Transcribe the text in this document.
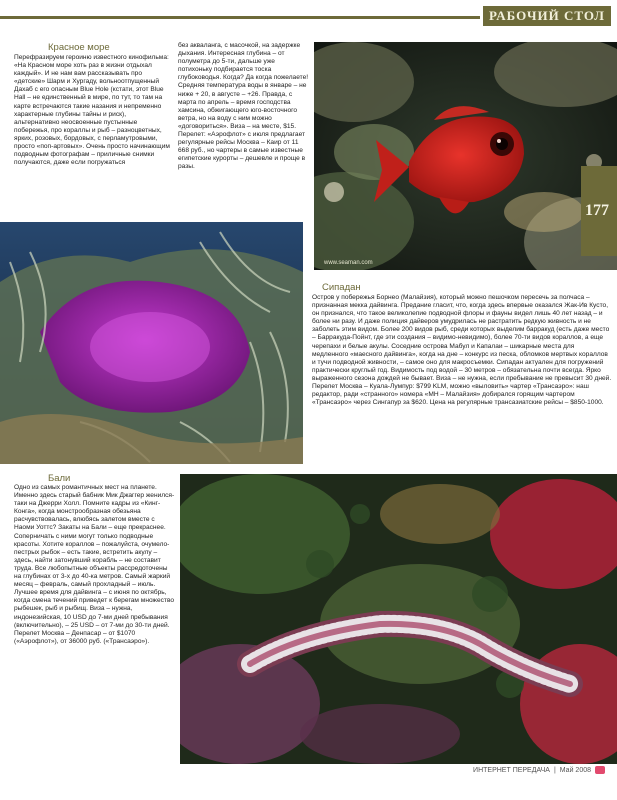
РАБОЧИЙ СТОЛ
Красное море
Перефразируем героиню известного кинофильма: «На Красном море хоть раз в жизни отдыхал каждый». И не нам вам рассказывать про «детские» Шарм и Хургаду, вольноотпущенный Дахаб с его опасным Blue Hole (кстати, этот Blue Hall – не единственный в мире, по тут, то там на карте встречаются такие назания и непременно характерные глубины тайны и риск), альтернативно неосвоенные пустынные побережья, про кораллы и рыб – разноцветных, ярких, розовых, бордовых, с перламутровыми, просто «поп-артовых». Очень просто начинающим подводным фотографам – приличные снимки получаются, даже если погружаться
без акваланга, с масочкой, на задержке дыхания. Интересная глубина – от полуметра до 5-ти, дальше уже потихоньку подбирается тоска глубоководья. Когда? Да когда пожелаете! Средняя температура воды в январе – не ниже + 20, в августе – +26. Правда, с марта по апрель – время господства хамсина, обжигающего юго-восточного ветра, но на воду с ним можно «договориться». Виза – на месте, $15. Перелет: «Аэрофлот» с июля предлагает регулярные рейсы Москва – Каир от 11 668 руб., но чартеры в самые известные египетские курорты – дешевле и проще в разы.
www.seaman.com
177
Сипадан
Остров у побережья Борнео (Малайзия), который можно пешочком пересечь за полчаса – признанная мекка дайвинга. Предание гласит, что, когда здесь впервые оказался Жак-Ив Кусто, он признался, что такое великолепие подводной флоры и фауны видел лишь 40 лет назад – и более ни разу. И даже полиция дайверов умудрилась не растратить редкую живность и не заболеть этим видом. Более 200 видов рыб, среди которых выделим барракуд (есть даже место – Барракуда-Пойнт, где эти создания – видимо-невидимо), более 70-ти видов кораллов, а еще черепахи и белые акулы. Соседние острова Мабул и Капалаи – шикарные места для медленного «маесного дайвинга», когда на дне – конкурс из песка, обломков мертвых кораллов и тучи подводной живности, – самое оно для макросъемки. Сипадан актуален для погружений практически круглый год. Видимость под водой – 30 метров – обязательна почти всегда. Ярко выраженного сезона дождей не бывает. Виза – не нужна, если пребывание не превысит 30 дней. Перелет Москва – Куала-Лумпур: $799 KLM, можно «выловить» чартер «Трансаэро»: наш редактор, ради «странного» номера «МН – Малайзия» добирался горящим чартером «Трансаэро» через Сингапур за $620. Цена на регулярные трансазиатские рейсы – $850-1000.
Бали
Одно из самых романтичных мест на планете. Именно здесь старый бабник Мик Джаггер женился-таки на Джерри Холл. Помните кадры из «Кинг-Конга», когда монстрообразная обезьяна расчувствовалась, влюбясь залетом вместе с Наоми Уоттс? Закаты на Бали – еще прекраснее. Соперничать с ними могут только подводные красоты. Хотите кораллов – пожалуйста, очумело-пестрых рыбок – есть такие, встретить акулу – здесь, найти затонувший корабль – не составит труда. Все любопытные объекты рассредоточены на глубинах от 3-х до 40-ка метров. Самый жаркий месяц – февраль, самый прохладный – июль. Лучшее время для дайвинга – с июня по октябрь, когда смена течений приведет к берегам множество рыбешек, рыб и рыбищ. Виза – нужна, индонезийская, 10 USD до 7-ми дней пребывания (включительно), – 25 USD – от 7-ми до 30-ти дней. Перелет Москва – Денпасар – от $1070 («Аэрофлот»), от 36000 руб. («Трансаэро»).
ИНТЕРНЕТ ПЕРЕДАЧА | Май 2008
